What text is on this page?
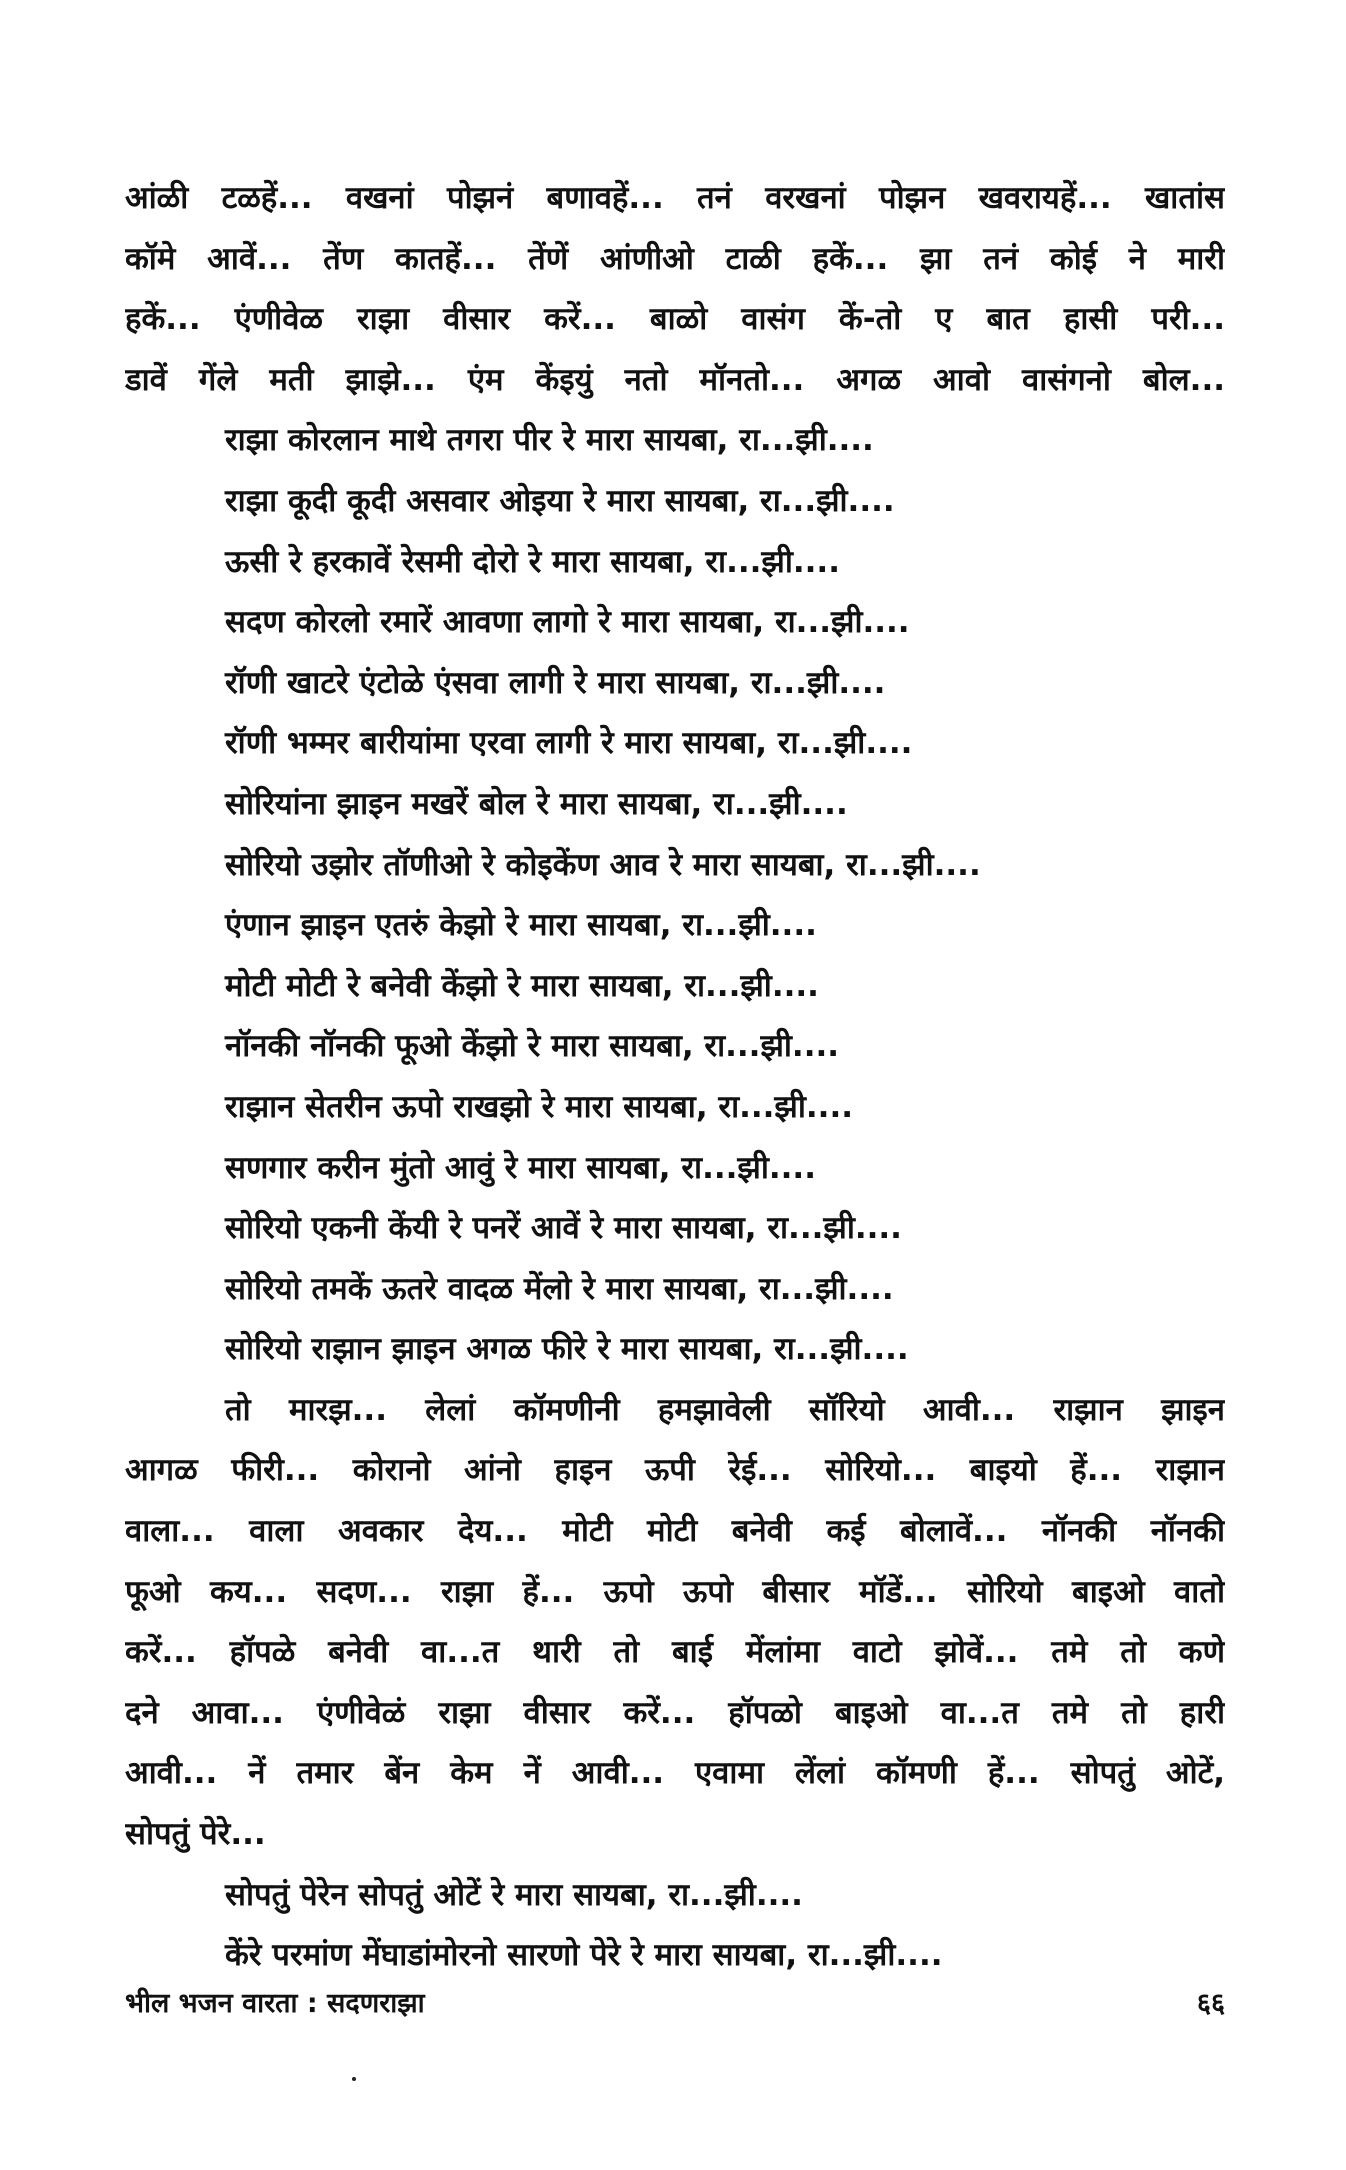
आंळी टळहें... वखनां पोझनं बणावहें... तनं वरखनां पोझन खवरायहें... खातांस
कॉमे आवें... तेंण कातहें... तेंणें आंणीओ टाळी हकें... झा तनं कोई ने मारी
हकें... एंणीवेळ राझा वीसार करें... बाळो वासंग कें-तो ए बात हासी परी...
डावें गेंले मती झाझे... एंम केंइयुं नतो मॉनतो... अगळ आवो वासंगनो बोल...
राझा कोरलान माथे तगरा पीर रे मारा सायबा, रा...झी....
राझा कूदी कूदी असवार ओइया रे मारा सायबा, रा...झी....
ऊसी रे हरकावें रेसमी दोरो रे मारा सायबा, रा...झी....
सदण कोरलो रमारें आवणा लागो रे मारा सायबा, रा...झी....
रॉणी खाटरे एंटोळे एंसवा लागी रे मारा सायबा, रा...झी....
रॉणी भम्मर बारीयांमा एरवा लागी रे मारा सायबा, रा...झी....
सोरियांना झाइन मखरें बोल रे मारा सायबा, रा...झी....
सोरियो उझोर तॉणीओ रे कोइकेंण आव रे मारा सायबा, रा...झी....
एंणान झाइन एतरुं केझो रे मारा सायबा, रा...झी....
मोटी मोटी रे बनेवी केंझो रे मारा सायबा, रा...झी....
नॉनकी नॉनकी फूओ केंझो रे मारा सायबा, रा...झी....
राझान सेतरीन ऊपो राखझो रे मारा सायबा, रा...झी....
सणगार करीन मुंतो आवुं रे मारा सायबा, रा...झी....
सोरियो एकनी केंयी रे पनरें आवें रे मारा सायबा, रा...झी....
सोरियो तमकें ऊतरे वादळ मेंलो रे मारा सायबा, रा...झी....
सोरियो राझान झाइन अगळ फीरे रे मारा सायबा, रा...झी....
तो मारझ... लेलां कॉमणीनी हमझावेली सॉरियो आवी... राझान झाइन
आगळ फीरी... कोरानो आंनो हाइन ऊपी रेई... सोरियो... बाइयो हें... राझान
वाला... वाला अवकार देय... मोटी मोटी बनेवी कई बोलावें... नॉनकी नॉनकी
फूओ कय... सदण... राझा हें... ऊपो ऊपो बीसार मॉडें... सोरियो बाइओ वातो
करें... हॉपळे बनेवी वा...त थारी तो बाई मेंलांमा वाटो झोवें... तमे तो कणे
दने आवा... एंणीवेळं राझा वीसार करें... हॉपळो बाइओ वा...त तमे तो हारी
आवी... नें तमार बेंन केम नें आवी... एवामा लेंलां कॉमणी हें... सोपतुं ओटें,
सोपतुं पेरे...
सोपतुं पेरेन सोपतुं ओटें रे मारा सायबा, रा...झी....
केंरे परमांण मेंघाडांमोरनो सारणो पेरे रे मारा सायबा, रा...झी....
भील भजन वारता : सदणराझा	६६
